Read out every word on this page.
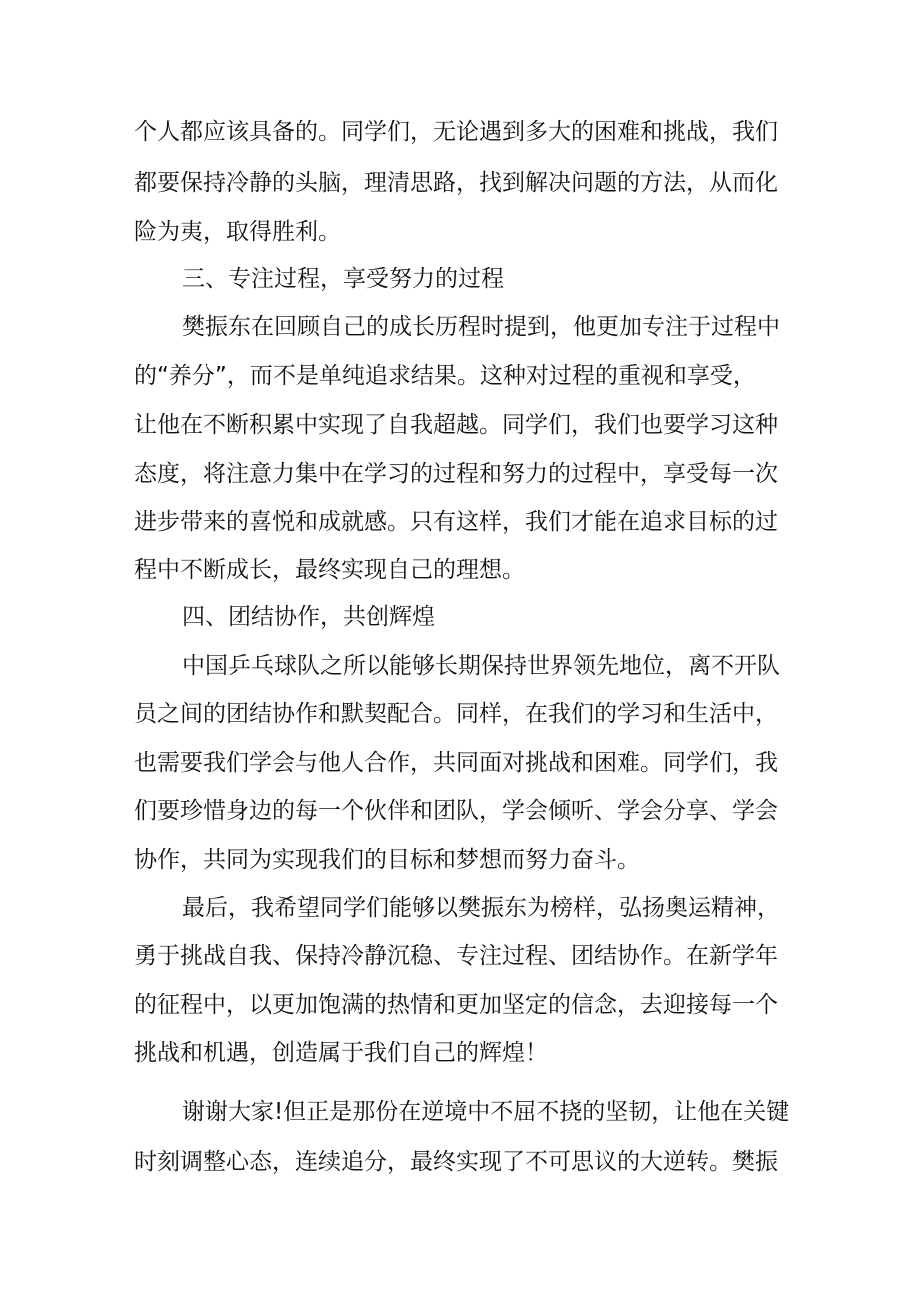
个人都应该具备的。同学们，无论遇到多大的困难和挑战，我们
都要保持冷静的头脑，理清思路，找到解决问题的方法，从而化
险为夷，取得胜利。
三、专注过程，享受努力的过程
樊振东在回顾自己的成长历程时提到，他更加专注于过程中
的“养分”，而不是单纯追求结果。这种对过程的重视和享受，
让他在不断积累中实现了自我超越。同学们，我们也要学习这种
态度，将注意力集中在学习的过程和努力的过程中，享受每一次
进步带来的喜悦和成就感。只有这样，我们才能在追求目标的过
程中不断成长，最终实现自己的理想。
四、团结协作，共创辉煌
中国乒乓球队之所以能够长期保持世界领先地位，离不开队
员之间的团结协作和默契配合。同样，在我们的学习和生活中，
也需要我们学会与他人合作，共同面对挑战和困难。同学们，我
们要珍惜身边的每一个伙伴和团队，学会倾听、学会分享、学会
协作，共同为实现我们的目标和梦想而努力奋斗。
最后，我希望同学们能够以樊振东为榜样，弘扬奥运精神，
勇于挑战自我、保持冷静沉稳、专注过程、团结协作。在新学年
的征程中，以更加饱满的热情和更加坚定的信念，去迎接每一个
挑战和机遇，创造属于我们自己的辉煌！
谢谢大家!但正是那份在逆境中不屈不挠的坚韧，让他在关键
时刻调整心态，连续追分，最终实现了不可思议的大逆转。樊振
